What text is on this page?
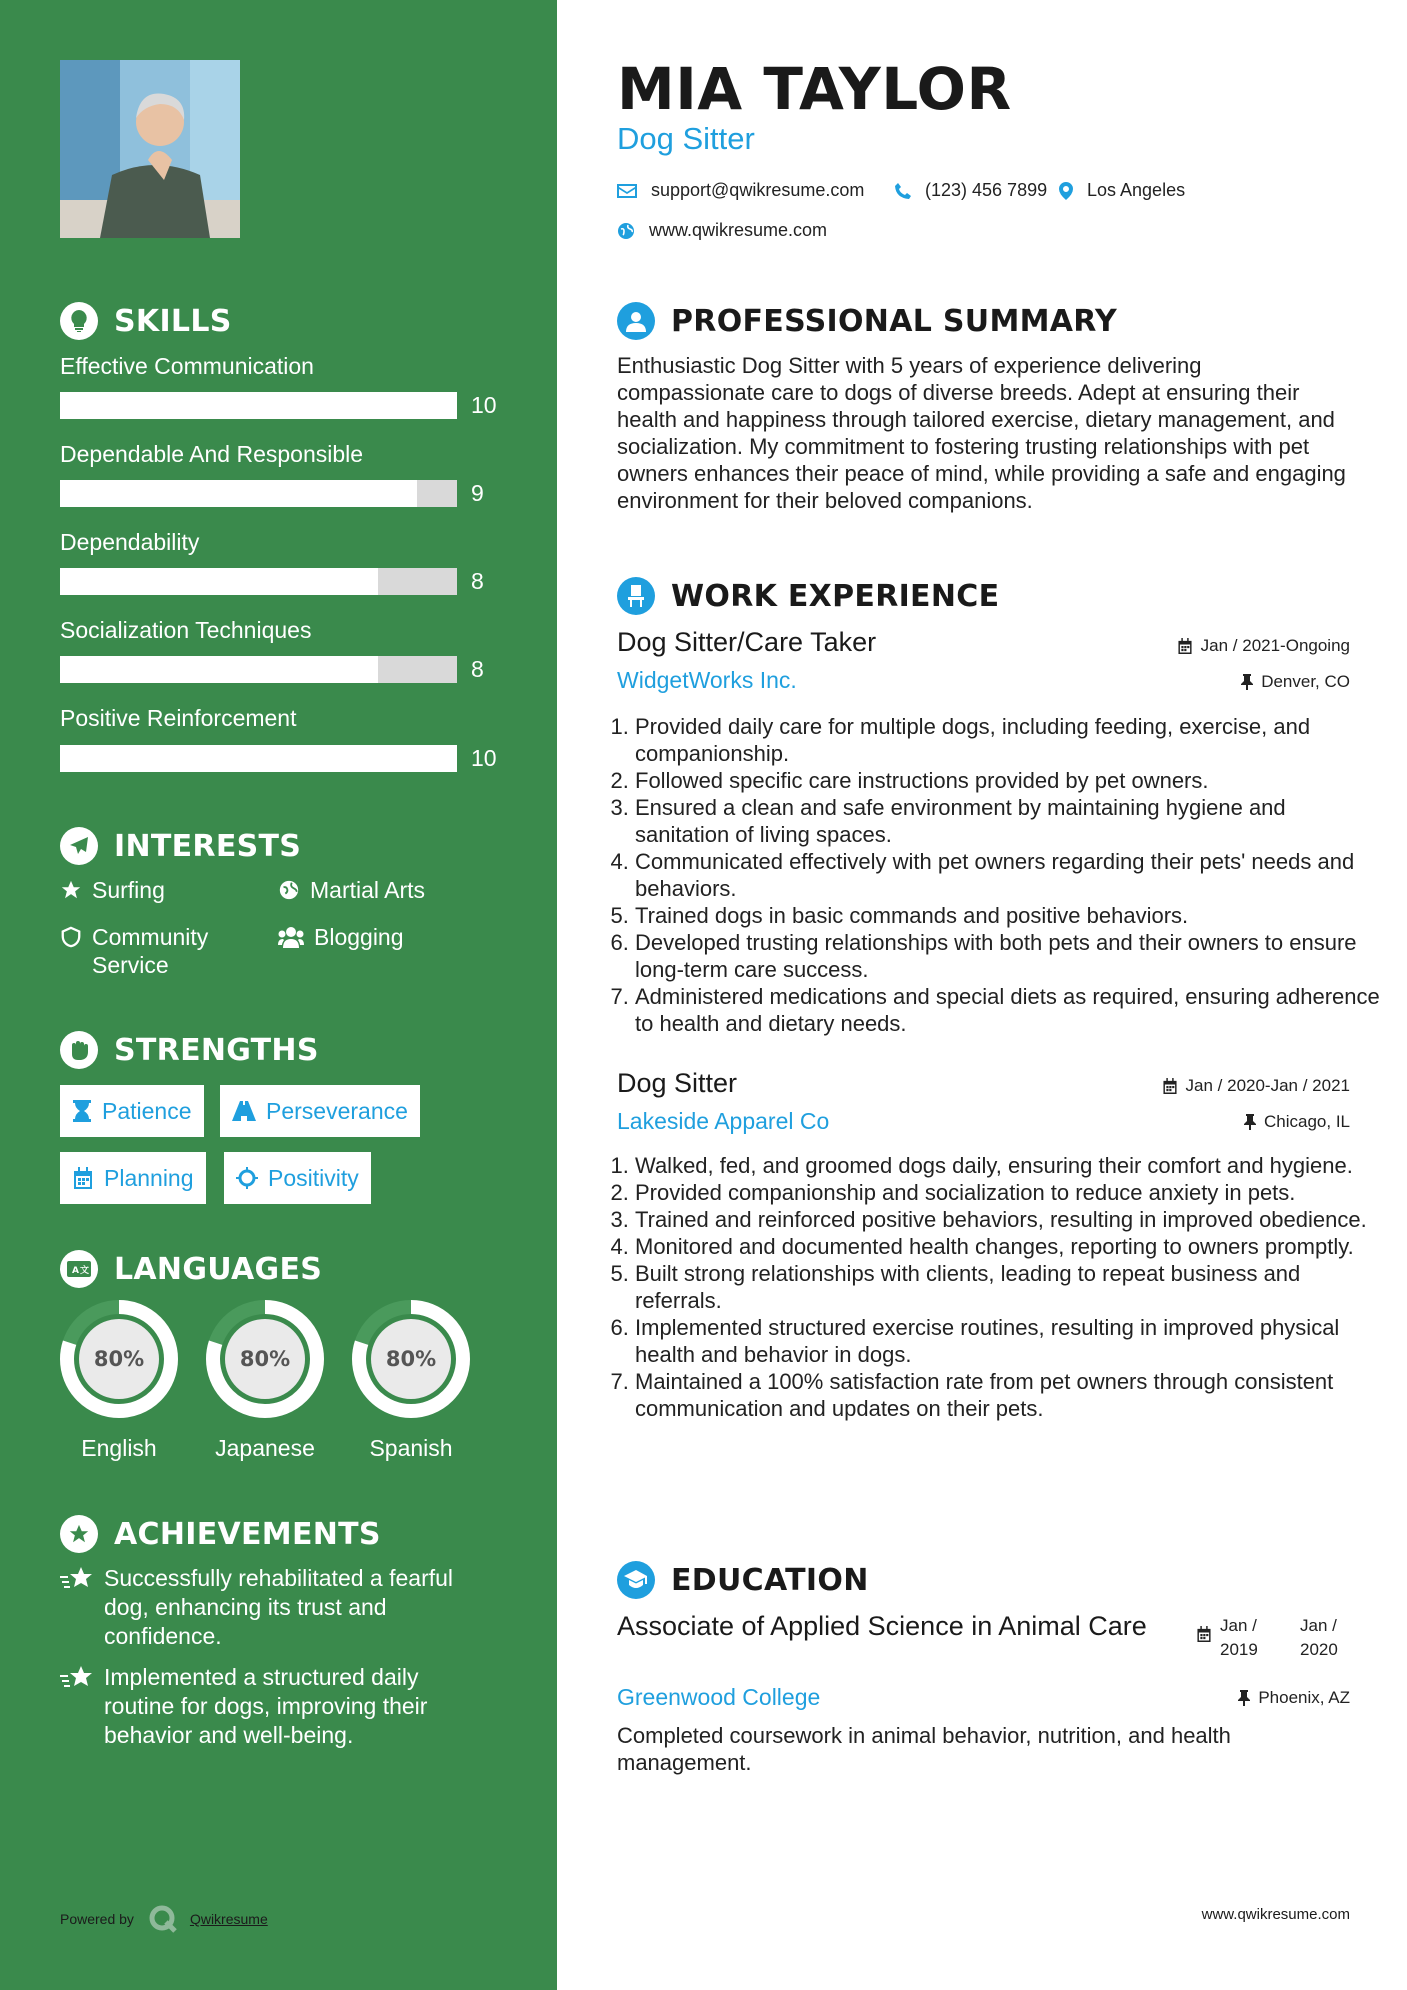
SKILLS
Effective Communication
10
Dependable And Responsible
9
Dependability
8
Socialization Techniques
8
Positive Reinforcement
10
INTERESTS
Surfing	Martial Arts
Community Service
Blogging
STRENGTHS
Patience	Perseverance
Planning	Positivity
A 文 LANGUAGES
80%
English
80%
Japanese
80%
Spanish
ACHIEVEMENTS
Successfully rehabilitated a fearful dog, enhancing its trust and confidence.
Implemented a structured daily routine for dogs, improving their behavior and well-being.
Powered by	Qwikresume
MIA TAYLOR
Dog Sitter
support@qwikresume.com	(123) 456 7899 Los Angeles
www.qwikresume.com
PROFESSIONAL SUMMARY
Enthusiastic Dog Sitter with 5 years of experience delivering compassionate care to dogs of diverse breeds. Adept at ensuring their health and happiness through tailored exercise, dietary management, and socialization. My commitment to fostering trusting relationships with pet owners enhances their peace of mind, while providing a safe and engaging environment for their beloved companions.
WORK EXPERIENCE
Dog Sitter/Care Taker	Jan / 2021-Ongoing
WidgetWorks Inc.	Denver, CO
1. Provided daily care for multiple dogs, including feeding, exercise, and companionship.
2. Followed specific care instructions provided by pet owners.
3. Ensured a clean and safe environment by maintaining hygiene and sanitation of living spaces.
4. Communicated effectively with pet owners regarding their pets' needs and behaviors.
5. Trained dogs in basic commands and positive behaviors.
6. Developed trusting relationships with both pets and their owners to ensure long-term care success.
7. Administered medications and special diets as required, ensuring adherence to health and dietary needs.
Dog Sitter	Jan / 2020-Jan / 2021
Lakeside Apparel Co	Chicago, IL
1. Walked, fed, and groomed dogs daily, ensuring their comfort and hygiene.
2. Provided companionship and socialization to reduce anxiety in pets.
3. Trained and reinforced positive behaviors, resulting in improved obedience.
4. Monitored and documented health changes, reporting to owners promptly.
5. Built strong relationships with clients, leading to repeat business and referrals.
6. Implemented structured exercise routines, resulting in improved physical health and behavior in dogs.
7. Maintained a 100% satisfaction rate from pet owners through consistent communication and updates on their pets.
EDUCATION
Associate of Applied Science in Animal Care	Jan / 2019
Jan / 2020
Greenwood College	Phoenix, AZ
Completed coursework in animal behavior, nutrition, and health management.
www.qwikresume.com
